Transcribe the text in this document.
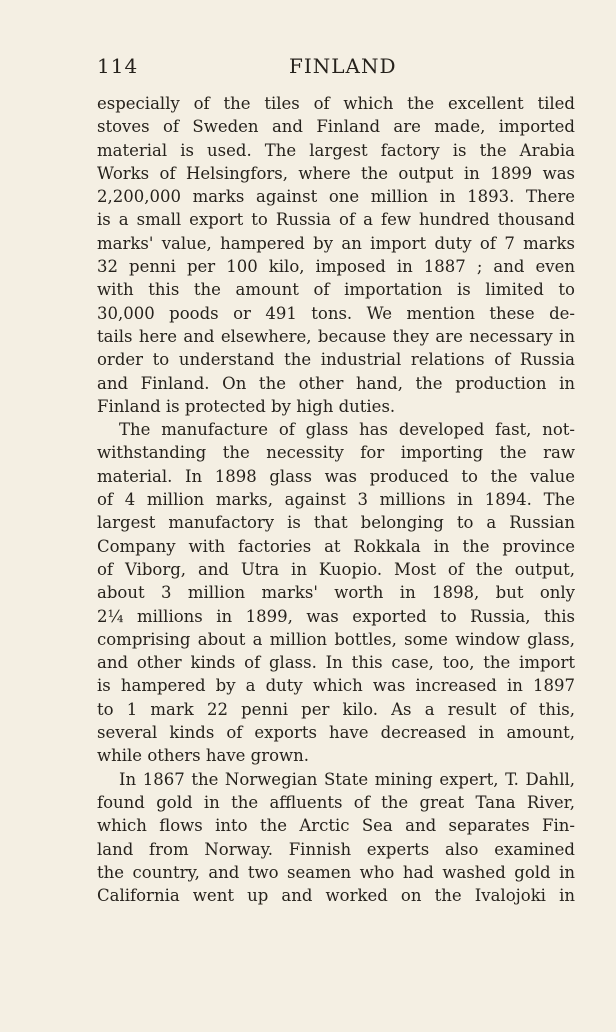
114	FINLAND
especially of the tiles of which the excellent tiled
stoves of Sweden and Finland are made, imported
material is used. The largest factory is the Arabia
Works of Helsingfors, where the output in 1899 was
2,200,000 marks against one million in 1893. There
is a small export to Russia of a few hundred thousand
marks' value, hampered by an import duty of 7 marks
32 penni per 100 kilo, imposed in 1887 ; and even
with this the amount of importation is limited to
30,000 poods or 491 tons. We mention these de-
tails here and elsewhere, because they are necessary in
order to understand the industrial relations of Russia
and Finland. On the other hand, the production in
Finland is protected by high duties.
The manufacture of glass has developed fast, not-
withstanding the necessity for importing the raw
material. In 1898 glass was produced to the value
of 4 million marks, against 3 millions in 1894. The
largest manufactory is that belonging to a Russian
Company with factories at Rokkala in the province
of Viborg, and Utra in Kuopio. Most of the output,
about 3 million marks' worth in 1898, but only
2¼ millions in 1899, was exported to Russia, this
comprising about a million bottles, some window glass,
and other kinds of glass. In this case, too, the import
is hampered by a duty which was increased in 1897
to 1 mark 22 penni per kilo. As a result of this,
several kinds of exports have decreased in amount,
while others have grown.
In 1867 the Norwegian State mining expert, T. Dahll,
found gold in the affluents of the great Tana River,
which flows into the Arctic Sea and separates Fin-
land from Norway. Finnish experts also examined
the country, and two seamen who had washed gold in
California went up and worked on the Ivalojoki in
